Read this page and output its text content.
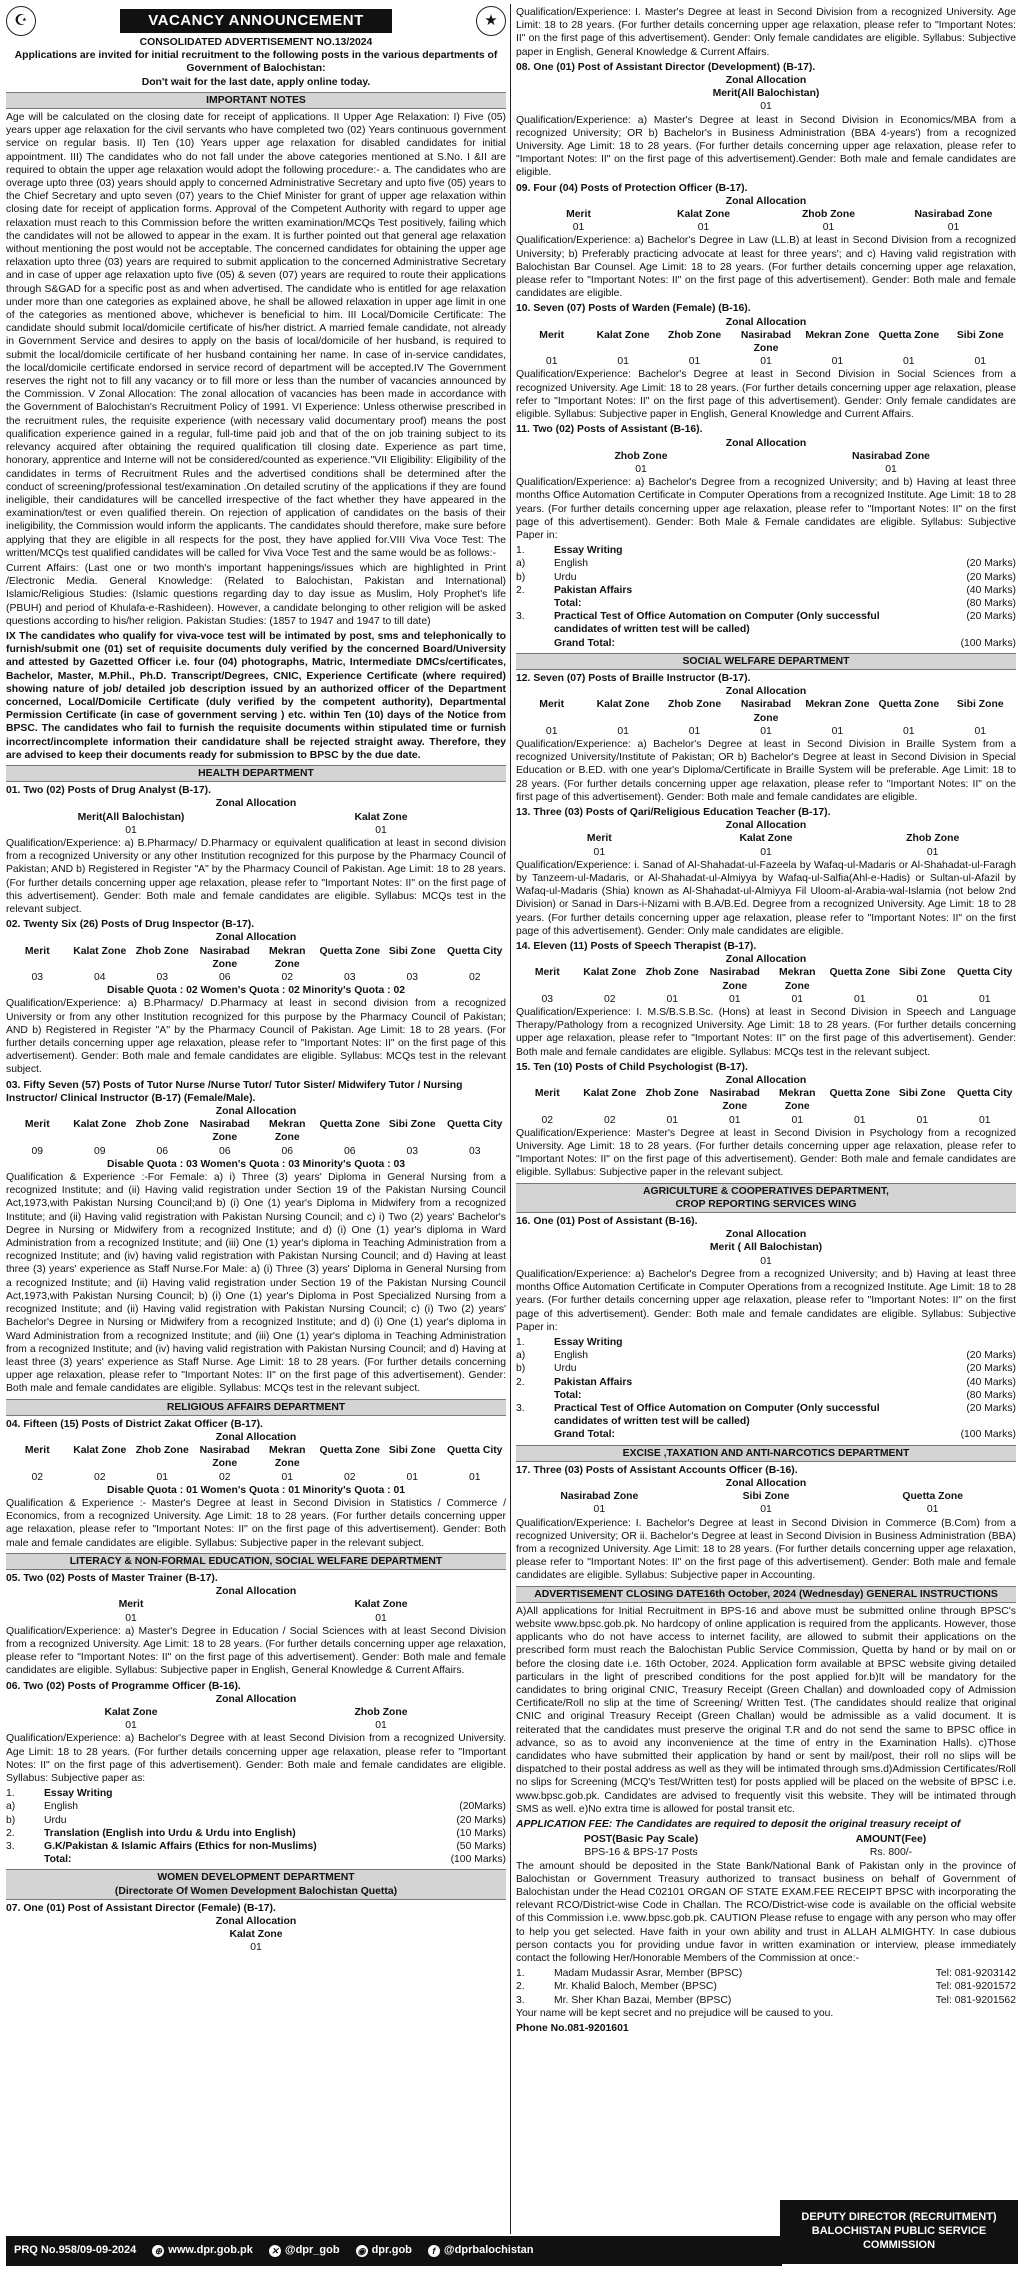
☪	VACANCY ANNOUNCEMENT	★
CONSOLIDATED ADVERTISEMENT NO.13/2024
Applications are invited for initial recruitment to the following posts in the various departments of Government of Balochistan:
Don't wait for the last date, apply online today.
IMPORTANT NOTES

Age will be calculated on the closing date for receipt of applications. II Upper Age Relaxation: I) Five (05) years upper age relaxation for the civil servants who have completed two (02) Years continuous government service on regular basis. II) Ten (10) Years upper age relaxation for disabled candidates for initial appointment. III) The candidates who do not fall under the above categories mentioned at S.No. I &II are required to obtain the upper age relaxation would adopt the following procedure:- a. The candidates who are overage upto three (03) years should apply to concerned Administrative Secretary and upto five (05) years to the Chief Secretary and upto seven (07) years to the Chief Minister for grant of upper age relaxation within closing date for receipt of application forms. Approval of the Competent Authority with regard to upper age relaxation must reach to this Commission before the written examination/MCQs Test positively, failing which the candidates will not be allowed to appear in the exam. It is further pointed out that general age relaxation without mentioning the post would not be acceptable. The concerned candidates for obtaining the upper age relaxation upto three (03) years are required to submit application to the concerned Administrative Secretary and in case of upper age relaxation upto five (05) & seven (07) years are required to route their applications through S&GAD for a specific post as and when advertised. The candidate who is entitled for age relaxation under more than one categories as explained above, he shall be allowed relaxation in upper age limit in one of the categories as mentioned above, whichever is beneficial to him. III Local/Domicile Certificate: The candidate should submit local/domicile certificate of his/her district. A married female candidate, not already in Government Service and desires to apply on the basis of local/domicile of her husband, is required to submit the local/domicile certificate of her husband containing her name. In case of in-service candidates, the local/domicile certificate endorsed in service record of department will be accepted.IV The Government reserves the right not to fill any vacancy or to fill more or less than the number of vacancies announced by the Commission. V Zonal Allocation: The zonal allocation of vacancies has been made in accordance with the Government of Balochistan's Recruitment Policy of 1991. VI Experience: Unless otherwise prescribed in the recruitment rules, the requisite experience (with necessary valid documentary proof) means the post qualification experience gained in a regular, full-time paid job and that of the on job training subject to its relevancy acquired after obtaining the required qualification till closing date. Experience as part time, honorary, apprentice and Interne will not be considered/counted as experience."VII Eligibility: Eligibility of the candidates in terms of Recruitment Rules and the advertised conditions shall be determined after the conduct of screening/professional test/examination .On detailed scrutiny of the applications if they are found ineligible, their candidatures will be cancelled irrespective of the fact whether they have appeared in the examination/test or even qualified therein. On rejection of application of candidates on the basis of their ineligibility, the Commission would inform the applicants. The candidates should therefore, make sure before applying that they are eligible in all respects for the post, they have applied for.VIII Viva Voce Test: The written/MCQs test qualified candidates will be called for Viva Voce Test and the same would be as follows:-

Current Affairs: (Last one or two month's important happenings/issues which are highlighted in Print /Electronic Media. General Knowledge: (Related to Balochistan, Pakistan and International) Islamic/Religious Studies: (Islamic questions regarding day to day issue as Muslim, Holy Prophet's life (PBUH) and period of Khulafa-e-Rashideen). However, a candidate belonging to other religion will be asked questions according to his/her religion. Pakistan Studies: (1857 to 1947 and 1947 to till date)

IX The candidates who qualify for viva-voce test will be intimated by post, sms and telephonically to furnish/submit one (01) set of requisite documents duly verified by the concerned Board/University and attested by Gazetted Officer i.e. four (04) photographs, Matric, Intermediate DMCs/certificates, Bachelor, Master, M.Phil., Ph.D. Transcript/Degrees, CNIC, Experience Certificate (where required) showing nature of job/ detailed job description issued by an authorized officer of the Department concerned, Local/Domicile Certificate (duly verified by the competent authority), Departmental Permission Certificate (in case of government serving ) etc. within Ten (10) days of the Notice from BPSC. The candidates who fail to furnish the requisite documents within stipulated time or furnish incorrect/incomplete information their candidature shall be rejected straight away. Therefore, they are advised to keep their documents ready for submission to BPSC by the due date.

HEALTH DEPARTMENT
01. Two (02) Posts of Drug Analyst (B-17).
Zonal Allocation
Merit(All Balochistan)	Kalat Zone
01	01

Qualification/Experience: a) B.Pharmacy/ D.Pharmacy or equivalent qualification at least in second division from a recognized University or any other Institution recognized for this purpose by the Pharmacy Council of Pakistan; AND b) Registered in Register "A" by the Pharmacy Council of Pakistan. Age Limit: 18 to 28 years. (For further details concerning upper age relaxation, please refer to "Important Notes: II" on the first page of this advertisement). Gender: Both male and female candidates are eligible. Syllabus: MCQs test in the relevant subject.

02. Twenty Six (26) Posts of Drug Inspector (B-17).
Zonal Allocation
Merit	Kalat Zone Zhob Zone	Nasirabad Zone
Mekran Zone
Quetta Zone Sibi Zone	Quetta City
03	04	03	06	02	03	03	02
Disable Quota : 02 Women's Quota : 02 Minority's Quota : 02

Qualification/Experience: a) B.Pharmacy/ D.Pharmacy at least in second division from a recognized University or from any other Institution recognized for this purpose by the Pharmacy Council of Pakistan; AND b) Registered in Register "A" by the Pharmacy Council of Pakistan. Age Limit: 18 to 28 years. (For further details concerning upper age relaxation, please refer to "Important Notes: II" on the first page of this advertisement). Gender: Both male and female candidates are eligible. Syllabus: MCQs test in the relevant subject.

03. Fifty Seven (57) Posts of Tutor Nurse /Nurse Tutor/ Tutor Sister/ Midwifery Tutor / Nursing Instructor/ Clinical Instructor (B-17) (Female/Male).
Zonal Allocation
Merit	Kalat Zone Zhob Zone	Nasirabad Zone
Mekran Zone
Quetta Zone Sibi Zone	Quetta City
09	09	06	06	06	06	03	03
Disable Quota : 03 Women's Quota : 03 Minority's Quota : 03

Qualification & Experience :-For Female: a) i) Three (3) years' Diploma in General Nursing from a recognized Institute; and (ii) Having valid registration under Section 19 of the Pakistan Nursing Council Act,1973,with Pakistan Nursing Council;and b) (i) One (1) year's Diploma in Midwifery from a recognized Institute; and (ii) Having valid registration with Pakistan Nursing Council; and c) i) Two (2) years' Bachelor's Degree in Nursing or Midwifery from a recognized Institute; and d) (i) One (1) year's diploma in Ward Administration from a recognized Institute; and (iii) One (1) year's diploma in Teaching Administration from a recognized Institute; and (iv) having valid registration with Pakistan Nursing Council; and d) Having at least three (3) years' experience as Staff Nurse.For Male: a) (i) Three (3) years' Diploma in General Nursing from a recognized Institute; and (ii) Having valid registration under Section 19 of the Pakistan Nursing Council Act,1973,with Pakistan Nursing Council; b) (i) One (1) year's Diploma in Post Specialized Nursing from a recognized Institute; and (ii) Having valid registration with Pakistan Nursing Council; c) (i) Two (2) years' Bachelor's Degree in Nursing or Midwifery from a recognized Institute; and d) (i) One (1) year's diploma in Ward Administration from a recognized Institute; and (iii) One (1) year's diploma in Teaching Administration from a recognized Institute; and (iv) having valid registration with Pakistan Nursing Council; and d) Having at least three (3) years' experience as Staff Nurse. Age Limit: 18 to 28 years. (For further details concerning upper age relaxation, please refer to "Important Notes: II" on the first page of this advertisement). Gender: Both male and female candidates are eligible. Syllabus: MCQs test in the relevant subject.

RELIGIOUS AFFAIRS DEPARTMENT
04. Fifteen (15) Posts of District Zakat Officer (B-17).
Zonal Allocation
Merit	Kalat Zone Zhob Zone	Nasirabad Zone
Mekran Zone
Quetta Zone Sibi Zone	Quetta City
02	02	01	02	01	02	01	01
Disable Quota : 01 Women's Quota : 01 Minority's Quota : 01

Qualification & Experience :- Master's Degree at least in Second Division in Statistics / Commerce / Economics, from a recognized University. Age Limit: 18 to 28 years. (For further details concerning upper age relaxation, please refer to "Important Notes: II" on the first page of this advertisement). Gender: Both male and female candidates are eligible. Syllabus: Subjective paper in the relevant subject.

LITERACY & NON-FORMAL EDUCATION, SOCIAL WELFARE DEPARTMENT
05. Two (02) Posts of Master Trainer (B-17).
Zonal Allocation
Merit	Kalat Zone
01	01

Qualification/Experience: a) Master's Degree in Education / Social Sciences with at least Second Division from a recognized University. Age Limit: 18 to 28 years. (For further details concerning upper age relaxation, please refer to "Important Notes: II" on the first page of this advertisement). Gender: Both male and female candidates are eligible. Syllabus: Subjective paper in English, General Knowledge & Current Affairs.

06. Two (02) Posts of Programme Officer (B-16).
Zonal Allocation
Kalat Zone	Zhob Zone
01	01

Qualification/Experience: a) Bachelor's Degree with at least Second Division from a recognized University. Age Limit: 18 to 28 years. (For further details concerning upper age relaxation, please refer to "Important Notes: II" on the first page of this advertisement). Gender: Both male and female candidates are eligible. Syllabus: Subjective paper as:

1.	Essay Writing
a)	English	(20Marks)
b)	Urdu	(20 Marks)
2.	Translation (English into Urdu & Urdu into English)	(10 Marks)
3.	G.K/Pakistan & Islamic Affairs (Ethics for non-Muslims)	(50 Marks)
Total:	(100 Marks)
WOMEN DEVELOPMENT DEPARTMENT
(Directorate Of Women Development Balochistan Quetta)
07. One (01) Post of Assistant Director (Female) (B-17).
Zonal Allocation
Kalat Zone
01

Qualification/Experience: I. Master's Degree at least in Second Division from a recognized University. Age Limit: 18 to 28 years. (For further details concerning upper age relaxation, please refer to "Important Notes: II" on the first page of this advertisement). Gender: Only female candidates are eligible. Syllabus: Subjective paper in English, General Knowledge & Current Affairs.

08. One (01) Post of Assistant Director (Development) (B-17).
Zonal Allocation
Merit(All Balochistan)
01

Qualification/Experience: a) Master's Degree at least in Second Division in Economics/MBA from a recognized University; OR b) Bachelor's in Business Administration (BBA 4-years') from a recognized University. Age Limit: 18 to 28 years. (For further details concerning upper age relaxation, please refer to "Important Notes: II" on the first page of this advertisement).Gender: Both male and female candidates are eligible.

09. Four (04) Posts of Protection Officer (B-17).
Zonal Allocation
Merit	Kalat Zone	Zhob Zone	Nasirabad Zone
01	01	01	01

Qualification/Experience: a) Bachelor's Degree in Law (LL.B) at least in Second Division from a recognized University; b) Preferably practicing advocate at least for three years'; and c) Having valid registration with Balochistan Bar Counsel. Age Limit: 18 to 28 years. (For further details concerning upper age relaxation, please refer to "Important Notes: II" on the first page of this advertisement). Gender: Both male and female candidates are eligible.

10. Seven (07) Posts of Warden (Female) (B-16).
Zonal Allocation
Merit	Kalat Zone	Zhob Zone	Nasirabad Zone
Mekran Zone Quetta Zone	Sibi Zone
01	01	01	01	01	01	01

Qualification/Experience: Bachelor's Degree at least in Second Division in Social Sciences from a recognized University. Age Limit: 18 to 28 years. (For further details concerning upper age relaxation, please refer to "Important Notes: II" on the first page of this advertisement). Gender: Only female candidates are eligible. Syllabus: Subjective paper in English, General Knowledge and Current Affairs.

11. Two (02) Posts of Assistant (B-16).
Zonal Allocation
Zhob Zone	Nasirabad Zone
01	01

Qualification/Experience: a) Bachelor's Degree from a recognized University; and b) Having at least three months Office Automation Certificate in Computer Operations from a recognized Institute. Age Limit: 18 to 28 years. (For further details concerning upper age relaxation, please refer to "Important Notes: II" on the first page of this advertisement). Gender: Both Male & Female candidates are eligible. Syllabus: Subjective Paper in:

1.	Essay Writing
a)	English	(20 Marks)
b)	Urdu	(20 Marks)
2.	Pakistan Affairs	(40 Marks)
Total:	(80 Marks)
3.	Practical Test of Office Automation on Computer (Only successful candidates of written test will be called)
(20 Marks)
Grand Total:	(100 Marks)
SOCIAL WELFARE DEPARTMENT
12. Seven (07) Posts of Braille Instructor (B-17).
Zonal Allocation
Merit	Kalat Zone	Zhob Zone	Nasirabad Zone
Mekran Zone Quetta Zone	Sibi Zone
01	01	01	01	01	01	01

Qualification/Experience: a) Bachelor's Degree at least in Second Division in Braille System from a recognized University/Institute of Pakistan; OR b) Bachelor's Degree at least in Second Division in Special Education or B.ED. with one year's Diploma/Certificate in Braille System will be preferable. Age Limit: 18 to 28 years. (For further details concerning upper age relaxation, please refer to "Important Notes: II" on the first page of this advertisement). Gender: Both male and female candidates are eligible.

13. Three (03) Posts of Qari/Religious Education Teacher (B-17).
Zonal Allocation
Merit	Kalat Zone	Zhob Zone
01	01	01

Qualification/Experience: i. Sanad of Al-Shahadat-ul-Fazeela by Wafaq-ul-Madaris or Al-Shahadat-ul-Faragh by Tanzeem-ul-Madaris, or Al-Shahadat-ul-Almiyya by Wafaq-ul-Salfia(Ahl-e-Hadis) or Sultan-ul-Afazil by Wafaq-ul-Madaris (Shia) known as Al-Shahadat-ul-Almiyya Fil Uloom-al-Arabia-wal-Islamia (not below 2nd Division) or Sanad in Dars-i-Nizami with B.A/B.Ed. Degree from a recognized University. Age Limit: 18 to 28 years. (For further details concerning upper age relaxation, please refer to "Important Notes: II" on the first page of this advertisement). Gender: Only male candidates are eligible.

14. Eleven (11) Posts of Speech Therapist (B-17).
Zonal Allocation
Merit	Kalat Zone Zhob Zone	Nasirabad Zone
Mekran Zone
Quetta Zone Sibi Zone	Quetta City
03	02	01	01	01	01	01	01

Qualification/Experience: I. M.S/B.S.B.Sc. (Hons) at least in Second Division in Speech and Language Therapy/Pathology from a recognized University. Age Limit: 18 to 28 years. (For further details concerning upper age relaxation, please refer to "Important Notes: II" on the first page of this advertisement). Gender: Both male and female candidates are eligible. Syllabus: MCQs test in the relevant subject.

15. Ten (10) Posts of Child Psychologist (B-17).
Zonal Allocation
Merit	Kalat Zone Zhob Zone	Nasirabad Zone
Mekran Zone
Quetta Zone Sibi Zone	Quetta City
02	02	01	01	01	01	01	01

Qualification/Experience: Master's Degree at least in Second Division in Psychology from a recognized University. Age Limit: 18 to 28 years. (For further details concerning upper age relaxation, please refer to "Important Notes: II" on the first page of this advertisement). Gender: Both male and female candidates are eligible. Syllabus: Subjective paper in the relevant subject.

AGRICULTURE & COOPERATIVES DEPARTMENT,
CROP REPORTING SERVICES WING
16. One (01) Post of Assistant (B-16).
Zonal Allocation
Merit ( All Balochistan)
01

Qualification/Experience: a) Bachelor's Degree from a recognized University; and b) Having at least three months Office Automation Certificate in Computer Operations from a recognized Institute. Age Limit: 18 to 28 years. (For further details concerning upper age relaxation, please refer to "Important Notes: II" on the first page of this advertisement). Gender: Both male and female candidates are eligible. Syllabus: Subjective Paper in:

1.	Essay Writing
a)	English	(20 Marks)
b)	Urdu	(20 Marks)
2.	Pakistan Affairs	(40 Marks)
Total:	(80 Marks)
3.	Practical Test of Office Automation on Computer (Only successful candidates of written test will be called)
(20 Marks)
Grand Total:	(100 Marks)
EXCISE ,TAXATION AND ANTI-NARCOTICS DEPARTMENT
17. Three (03) Posts of Assistant Accounts Officer (B-16).
Zonal Allocation
Nasirabad Zone	Sibi Zone	Quetta Zone
01	01	01

Qualification/Experience: I. Bachelor's Degree at least in Second Division in Commerce (B.Com) from a recognized University; OR ii. Bachelor's Degree at least in Second Division in Business Administration (BBA) from a recognized University. Age Limit: 18 to 28 years. (For further details concerning upper age relaxation, please refer to "Important Notes: II" on the first page of this advertisement). Gender: Both male and female candidates are eligible. Syllabus: Subjective paper in Accounting.

ADVERTISEMENT CLOSING DATE16th October, 2024 (Wednesday) GENERAL INSTRUCTIONS

A)All applications for Initial Recruitment in BPS-16 and above must be submitted online through BPSC's website www.bpsc.gob.pk. No hardcopy of online application is required from the applicants. However, those applicants who do not have access to internet facility, are allowed to submit their applications on the prescribed form must reach the Balochistan Public Service Commission, Quetta by hand or by mail on or before the closing date i.e. 16th October, 2024. Application form available at BPSC website giving detailed particulars in the light of prescribed conditions for the post applied for.b)It will be mandatory for the candidates to bring original CNIC, Treasury Receipt (Green Challan) and downloaded copy of Admission Certificate/Roll no slip at the time of Screening/ Written Test. (The candidates should realize that original CNIC and original Treasury Receipt (Green Challan) would be admissible as a valid document. It is reiterated that the candidates must preserve the original T.R and do not send the same to BPSC office in advance, so as to avoid any inconvenience at the time of entry in the Examination Halls). c)Those candidates who have submitted their application by hand or sent by mail/post, their roll no slips will be dispatched to their postal address as well as they will be intimated through sms.d)Admission Certificates/Roll no slips for Screening (MCQ's Test/Written test) for posts applied will be placed on the website of BPSC i.e. www.bpsc.gob.pk. Candidates are advised to frequently visit this website. They will be intimated through SMS as well. e)No extra time is allowed for postal transit etc.

APPLICATION FEE: The Candidates are required to deposit the original treasury receipt of

POST(Basic Pay Scale)	AMOUNT(Fee)
BPS-16 & BPS-17 Posts	Rs. 800/-

The amount should be deposited in the State Bank/National Bank of Pakistan only in the province of Balochistan or Government Treasury authorized to transact business on behalf of Government of Balochistan under the Head C02101 ORGAN OF STATE EXAM.FEE RECEIPT BPSC with incorporating the relevant RCO/District-wise Code in Challan. The RCO/District-wise code is available on the official website of this Commission i.e. www.bpsc.gob.pk. CAUTION Please refuse to engage with any person who may offer to help you get selected. Have faith in your own ability and trust in ALLAH ALMIGHTY. In case dubious person contacts you for providing undue favor in written examination or interview, please immediately contact the following Her/Honorable Members of the Commission at once:-

1.	Madam Mudassir Asrar, Member (BPSC)	Tel: 081-9203142
2.	Mr. Khalid Baloch, Member (BPSC)	Tel: 081-9201572
3.	Mr. Sher Khan Bazai, Member (BPSC)	Tel: 081-9201562

Your name will be kept secret and no prejudice will be caused to you.

Phone No.081-9201601

PRQ No.958/09-09-2024 ⊕ www.dpr.gob.pk ✕ @dpr_gob ◉ dpr.gob	f @dprbalochistan
DEPUTY DIRECTOR (RECRUITMENT)
BALOCHISTAN PUBLIC SERVICE
COMMISSION
